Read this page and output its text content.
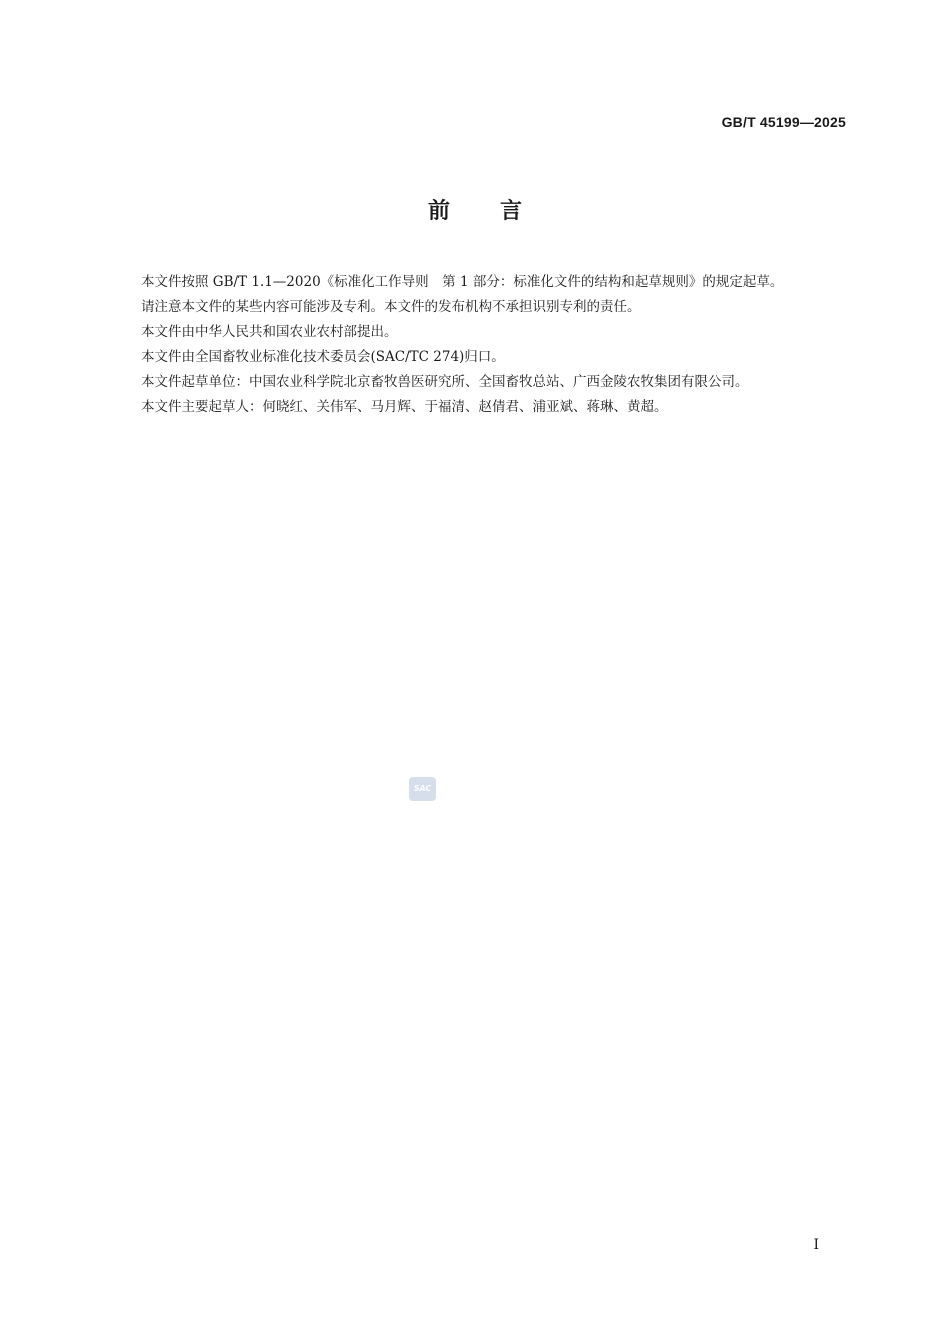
GB/T 45199—2025
前言

本文件按照 GB/T 1.1—2020《标准化工作导则　第 1 部分：标准化文件的结构和起草规则》的规定起草。

请注意本文件的某些内容可能涉及专利。本文件的发布机构不承担识别专利的责任。

本文件由中华人民共和国农业农村部提出。

本文件由全国畜牧业标准化技术委员会(SAC/TC 274)归口。

本文件起草单位：中国农业科学院北京畜牧兽医研究所、全国畜牧总站、广西金陵农牧集团有限公司。

本文件主要起草人：何晓红、关伟军、马月辉、于福清、赵倩君、浦亚斌、蒋琳、黄超。

SAC
I
